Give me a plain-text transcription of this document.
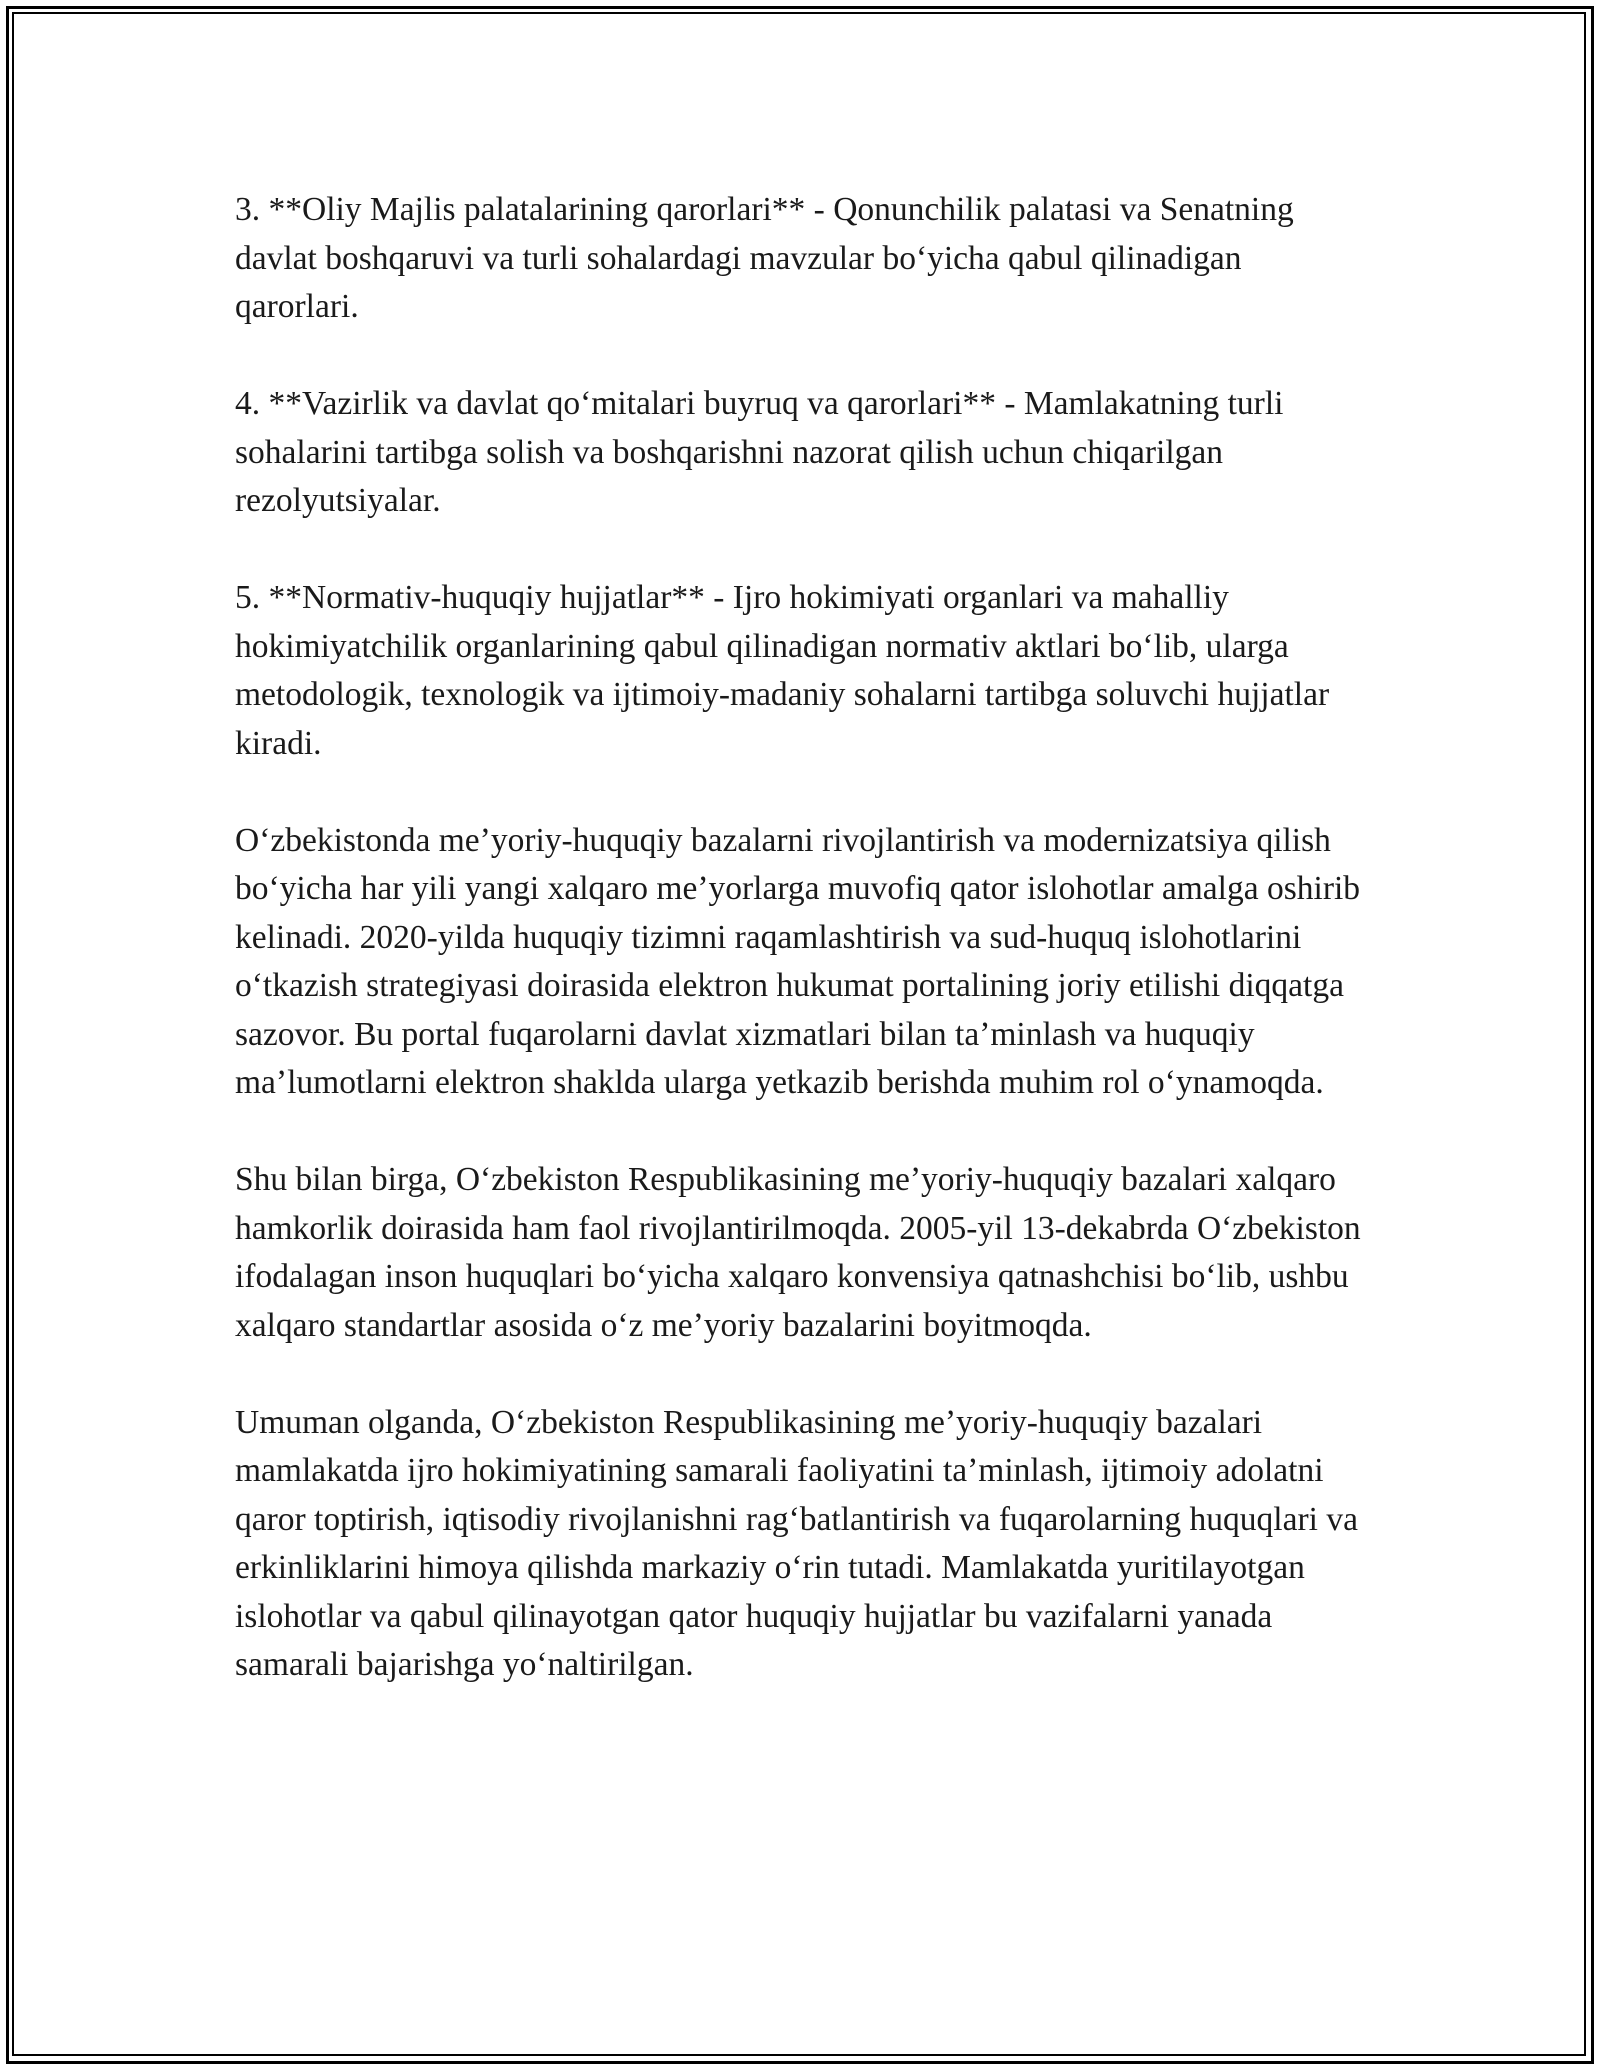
3. **Oliy Majlis palatalarining qarorlari** - Qonunchilik palatasi va Senatning davlat boshqaruvi va turli sohalardagi mavzular boʻyicha qabul qilinadigan qarorlari.

4. **Vazirlik va davlat qoʻmitalari buyruq va qarorlari** - Mamlakatning turli sohalarini tartibga solish va boshqarishni nazorat qilish uchun chiqarilgan rezolyutsiyalar.

5. **Normativ-huquqiy hujjatlar** - Ijro hokimiyati organlari va mahalliy hokimiyatchilik organlarining qabul qilinadigan normativ aktlari boʻlib, ularga metodologik, texnologik va ijtimoiy-madaniy sohalarni tartibga soluvchi hujjatlar kiradi.

Oʻzbekistonda meʼyoriy-huquqiy bazalarni rivojlantirish va modernizatsiya qilish boʻyicha har yili yangi xalqaro meʼyorlarga muvofiq qator islohotlar amalga oshirib kelinadi. 2020-yilda huquqiy tizimni raqamlashtirish va sud-huquq islohotlarini oʻtkazish strategiyasi doirasida elektron hukumat portalining joriy etilishi diqqatga sazovor. Bu portal fuqarolarni davlat xizmatlari bilan taʼminlash va huquqiy maʼlumotlarni elektron shakldа ularga yetkazib berishda muhim rol oʻynamoqda.

Shu bilan birga, Oʻzbekiston Respublikasining meʼyoriy-huquqiy bazalari xalqaro hamkorlik doirasida ham faol rivojlantirilmoqda. 2005-yil 13-dekabrda Oʻzbekiston ifodalagan inson huquqlari boʻyicha xalqaro konvensiya qatnashchisi boʻlib, ushbu xalqaro standartlar asosida oʻz meʼyoriy bazalarini boyitmoqda.

Umuman olganda, Oʻzbekiston Respublikasining meʼyoriy-huquqiy bazalari mamlakatda ijro hokimiyatining samarali faoliyatini taʼminlash, ijtimoiy adolatni qaror toptirish, iqtisodiy rivojlanishni ragʻbatlantirish va fuqarolarning huquqlari va erkinliklarini himoya qilishda markaziy oʻrin tutadi. Mamlakatda yuritilayotgan islohotlar va qabul qilinayotgan qator huquqiy hujjatlar bu vazifalarni yanada samarali bajarishga yoʻnaltirilgan.
